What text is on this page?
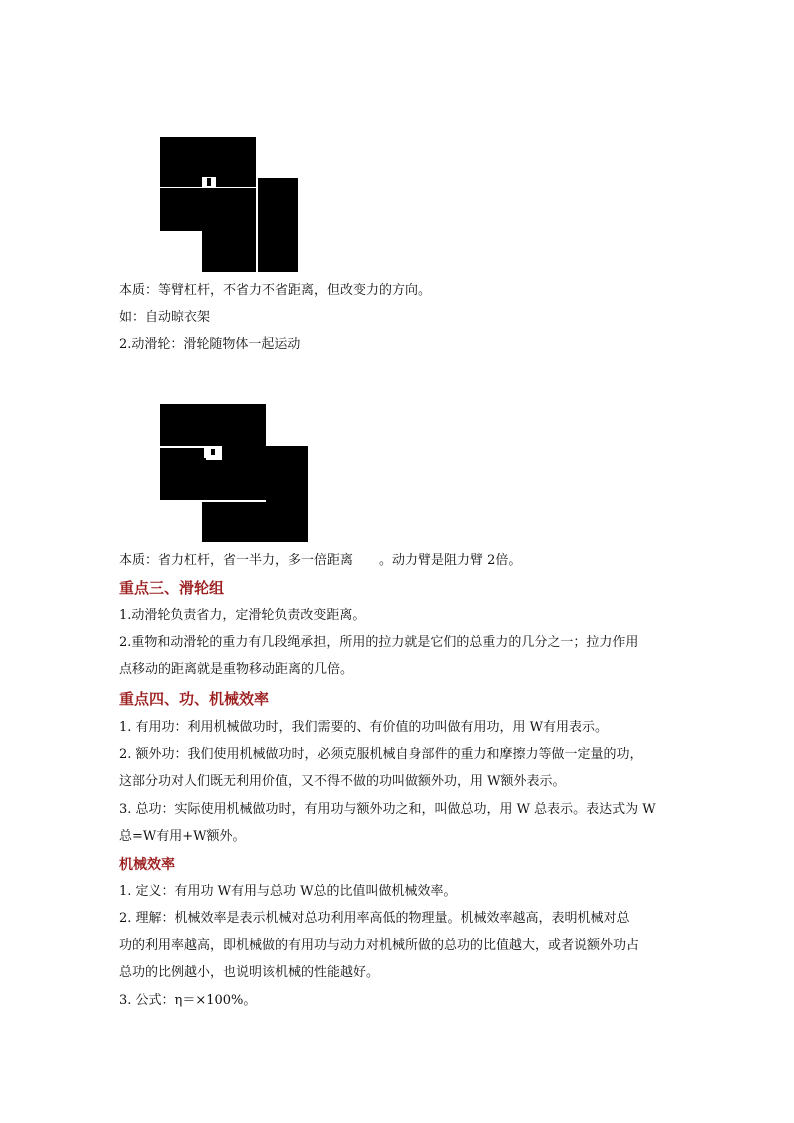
本质：等臂杠杆，不省力不省距离，但改变力的方向。
如：自动晾衣架
2.动滑轮：滑轮随物体一起运动
本质：省力杠杆，省一半力，多一倍距离　　。动力臂是阻力臂 2倍。
重点三、滑轮组
1.动滑轮负责省力，定滑轮负责改变距离。
2.重物和动滑轮的重力有几段绳承担，所用的拉力就是它们的总重力的几分之一；拉力作用
点移动的距离就是重物移动距离的几倍。
重点四、功、机械效率
1. 有用功：利用机械做功时，我们需要的、有价值的功叫做有用功，用 W有用表示。
2. 额外功：我们使用机械做功时，必须克服机械自身部件的重力和摩擦力等做一定量的功，
这部分功对人们既无利用价值，又不得不做的功叫做额外功，用 W额外表示。
3. 总功：实际使用机械做功时，有用功与额外功之和，叫做总功，用 W 总表示。表达式为 W
总=W有用+W额外。
机械效率
1. 定义：有用功 W有用与总功 W总的比值叫做机械效率。
2. 理解：机械效率是表示机械对总功利用率高低的物理量。机械效率越高，表明机械对总
功的利用率越高，即机械做的有用功与动力对机械所做的总功的比值越大，或者说额外功占
总功的比例越小，也说明该机械的性能越好。
3. 公式：η＝×100%。
